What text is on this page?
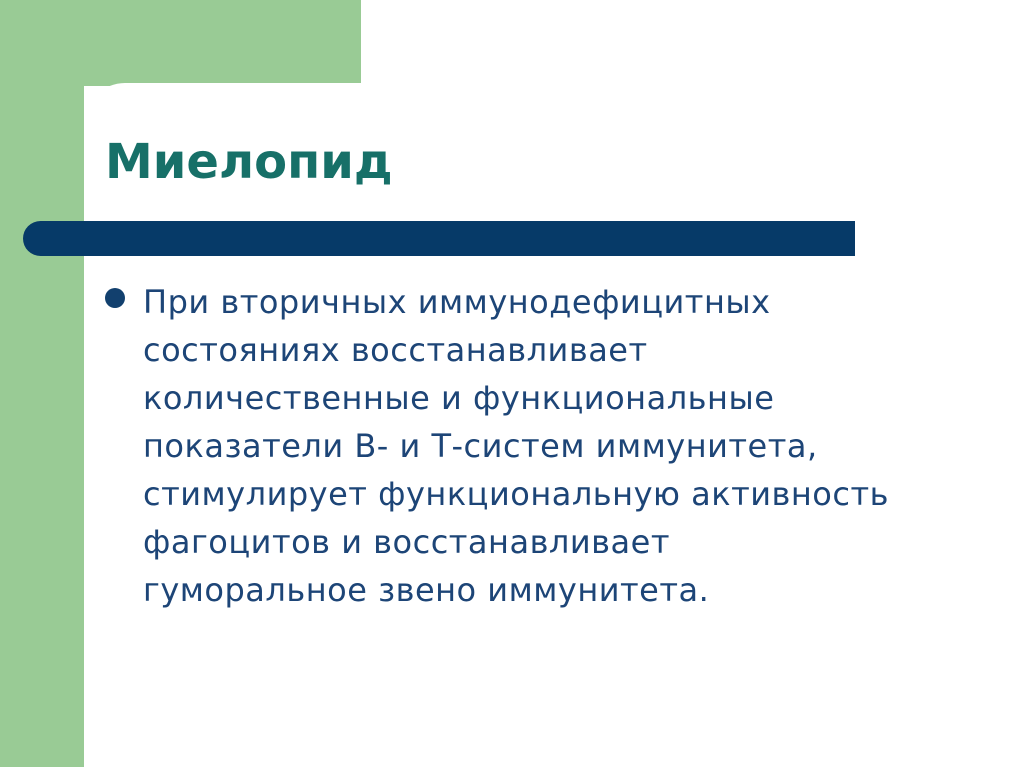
Миелопид
При вторичных иммунодефицитных
состояниях восстанавливает
количественные и функциональные
показатели В- и Т-систем иммунитета,
стимулирует функциональную активность
фагоцитов и восстанавливает
гуморальное звено иммунитета.
